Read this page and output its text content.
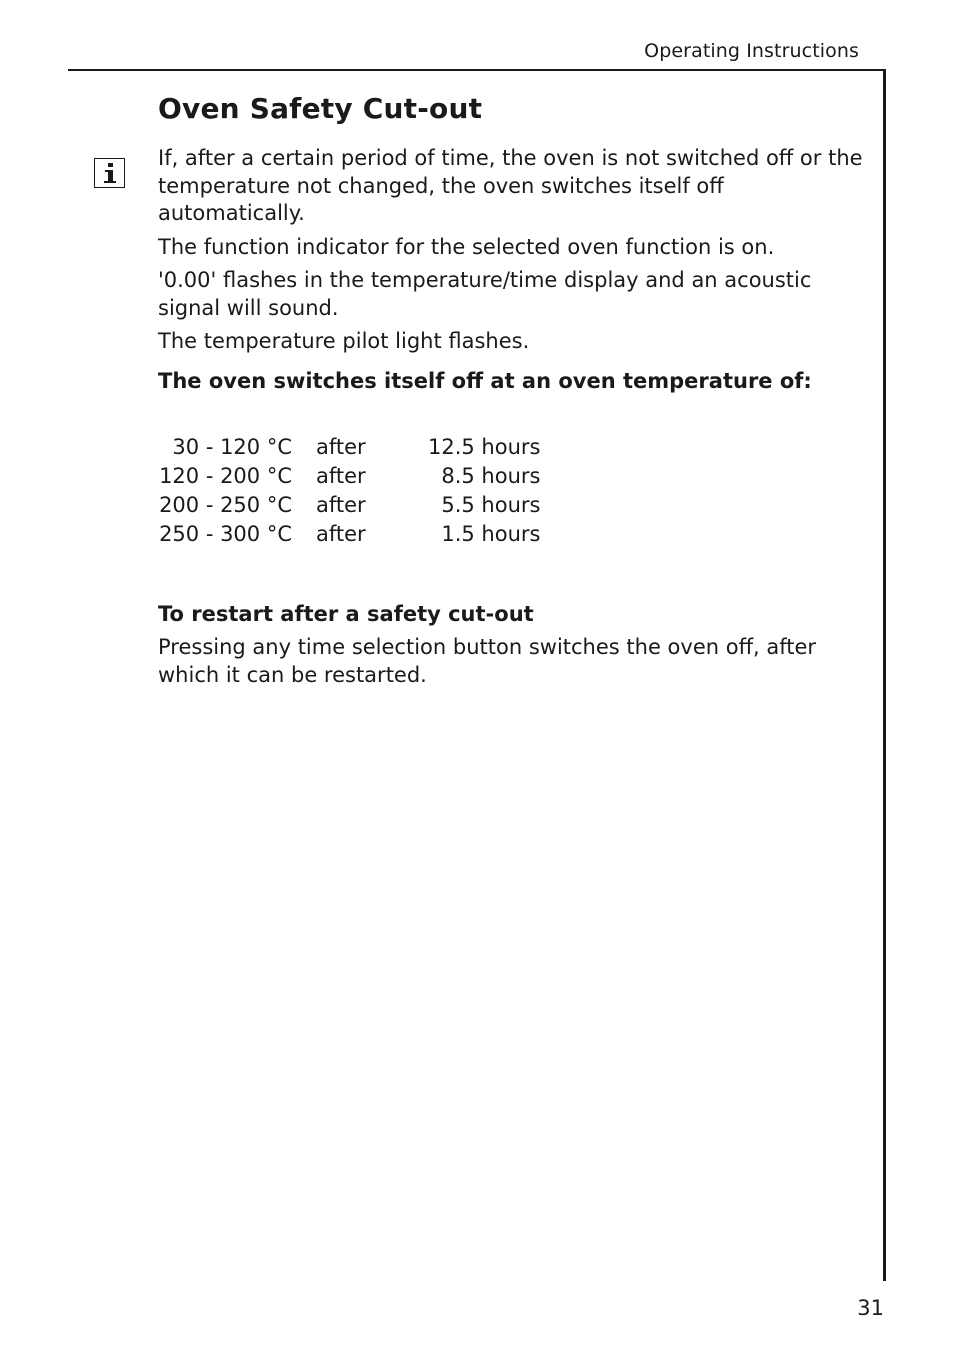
Operating Instructions
Oven Safety Cut-out

If, after a certain period of time, the oven is not switched off or the temperature not changed, the oven switches itself off automatically.

The function indicator for the selected oven function is on.

'0.00' flashes in the temperature/time display and an acoustic signal will sound.

The temperature pilot light flashes.

The oven switches itself off at an oven temperature of:

30 - 120 °C	after	12.5 hours
120 - 200 °C	after	8.5 hours
200 - 250 °C	after	5.5 hours
250 - 300 °C	after	1.5 hours
To restart after a safety cut-out

Pressing any time selection button switches the oven off, after which it can be restarted.

31
